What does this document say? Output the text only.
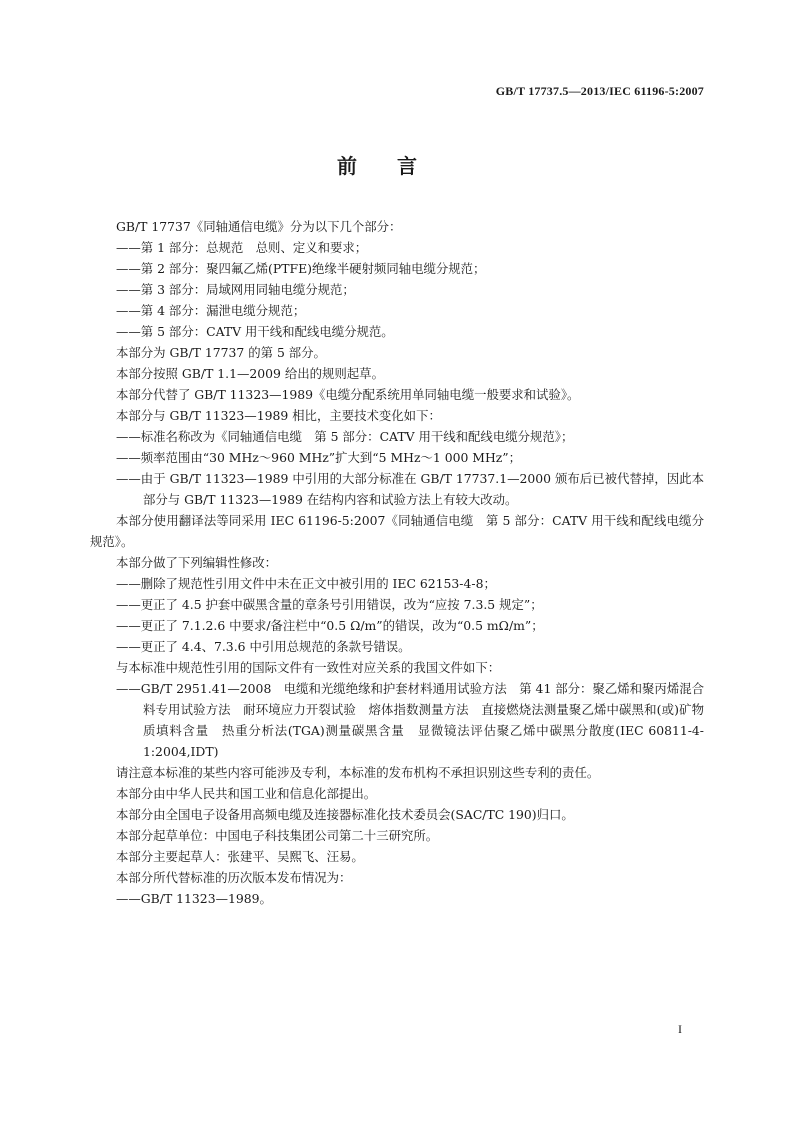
GB/T 17737.5—2013/IEC 61196-5:2007
前言

GB/T 17737《同轴通信电缆》分为以下几个部分：

——第 1 部分：总规范　总则、定义和要求；

——第 2 部分：聚四氟乙烯(PTFE)绝缘半硬射频同轴电缆分规范；

——第 3 部分：局域网用同轴电缆分规范；

——第 4 部分：漏泄电缆分规范；

——第 5 部分：CATV 用干线和配线电缆分规范。

本部分为 GB/T 17737 的第 5 部分。

本部分按照 GB/T 1.1—2009 给出的规则起草。

本部分代替了 GB/T 11323—1989《电缆分配系统用单同轴电缆一般要求和试验》。

本部分与 GB/T 11323—1989 相比，主要技术变化如下：

——标准名称改为《同轴通信电缆　第 5 部分：CATV 用干线和配线电缆分规范》；

——频率范围由“30 MHz～960 MHz”扩大到“5 MHz～1 000 MHz”；

——由于 GB/T 11323—1989 中引用的大部分标准在 GB/T 17737.1—2000 颁布后已被代替掉，因此本部分与 GB/T 11323—1989 在结构内容和试验方法上有较大改动。

本部分使用翻译法等同采用 IEC 61196-5:2007《同轴通信电缆　第 5 部分：CATV 用干线和配线电缆分规范》。

本部分做了下列编辑性修改：

——删除了规范性引用文件中未在正文中被引用的 IEC 62153-4-8；

——更正了 4.5 护套中碳黑含量的章条号引用错误，改为“应按 7.3.5 规定”；

——更正了 7.1.2.6 中要求/备注栏中“0.5 Ω/m”的错误，改为“0.5 mΩ/m”；

——更正了 4.4、7.3.6 中引用总规范的条款号错误。

与本标准中规范性引用的国际文件有一致性对应关系的我国文件如下：

——GB/T 2951.41—2008　电缆和光缆绝缘和护套材料通用试验方法　第 41 部分：聚乙烯和聚丙烯混合料专用试验方法　耐环境应力开裂试验　熔体指数测量方法　直接燃烧法测量聚乙烯中碳黑和(或)矿物质填料含量　热重分析法(TGA)测量碳黑含量　显微镜法评估聚乙烯中碳黑分散度(IEC 60811-4-1:2004,IDT)

请注意本标准的某些内容可能涉及专利，本标准的发布机构不承担识别这些专利的责任。

本部分由中华人民共和国工业和信息化部提出。

本部分由全国电子设备用高频电缆及连接器标准化技术委员会(SAC/TC 190)归口。

本部分起草单位：中国电子科技集团公司第二十三研究所。

本部分主要起草人：张建平、吴熙飞、汪易。

本部分所代替标准的历次版本发布情况为：

——GB/T 11323—1989。

I
